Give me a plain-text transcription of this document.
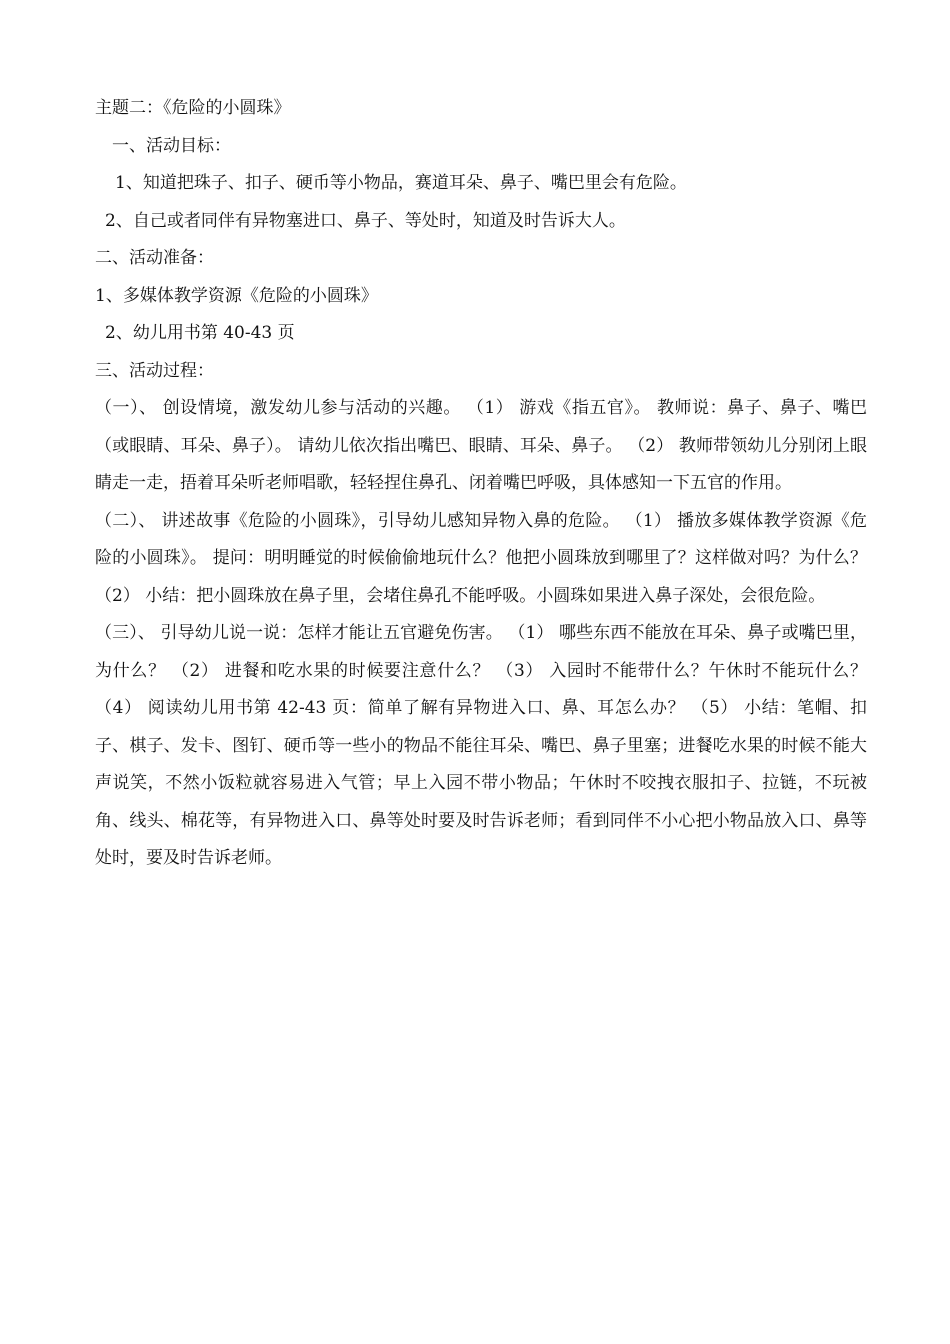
主题二：《危险的小圆珠》

一、活动目标：

1、知道把珠子、扣子、硬币等小物品，赛道耳朵、鼻子、嘴巴里会有危险。

2、自己或者同伴有异物塞进口、鼻子、等处时，知道及时告诉大人。

二、活动准备：

1、多媒体教学资源《危险的小圆珠》

2、幼儿用书第 40-43 页

三、活动过程：

（一）、 创设情境，激发幼儿参与活动的兴趣。 （1） 游戏《指五官》。 教师说：鼻子、鼻子、嘴巴（或眼睛、耳朵、鼻子）。 请幼儿依次指出嘴巴、眼睛、耳朵、鼻子。 （2） 教师带领幼儿分别闭上眼睛走一走，捂着耳朵听老师唱歌，轻轻捏住鼻孔、闭着嘴巴呼吸，具体感知一下五官的作用。

（二）、 讲述故事《危险的小圆珠》，引导幼儿感知异物入鼻的危险。 （1） 播放多媒体教学资源《危险的小圆珠》。 提问：明明睡觉的时候偷偷地玩什么？他把小圆珠放到哪里了？这样做对吗？为什么？ （2） 小结：把小圆珠放在鼻子里，会堵住鼻孔不能呼吸。小圆珠如果进入鼻子深处，会很危险。

（三）、 引导幼儿说一说：怎样才能让五官避免伤害。 （1） 哪些东西不能放在耳朵、鼻子或嘴巴里，为什么？ （2） 进餐和吃水果的时候要注意什么？ （3） 入园时不能带什么？午休时不能玩什么？ （4） 阅读幼儿用书第 42-43 页：简单了解有异物进入口、鼻、耳怎么办？ （5） 小结：笔帽、扣子、棋子、发卡、图钉、硬币等一些小的物品不能往耳朵、嘴巴、鼻子里塞；进餐吃水果的时候不能大声说笑，不然小饭粒就容易进入气管；早上入园不带小物品；午休时不咬拽衣服扣子、拉链，不玩被角、线头、棉花等，有异物进入口、鼻等处时要及时告诉老师；看到同伴不小心把小物品放入口、鼻等处时，要及时告诉老师。
